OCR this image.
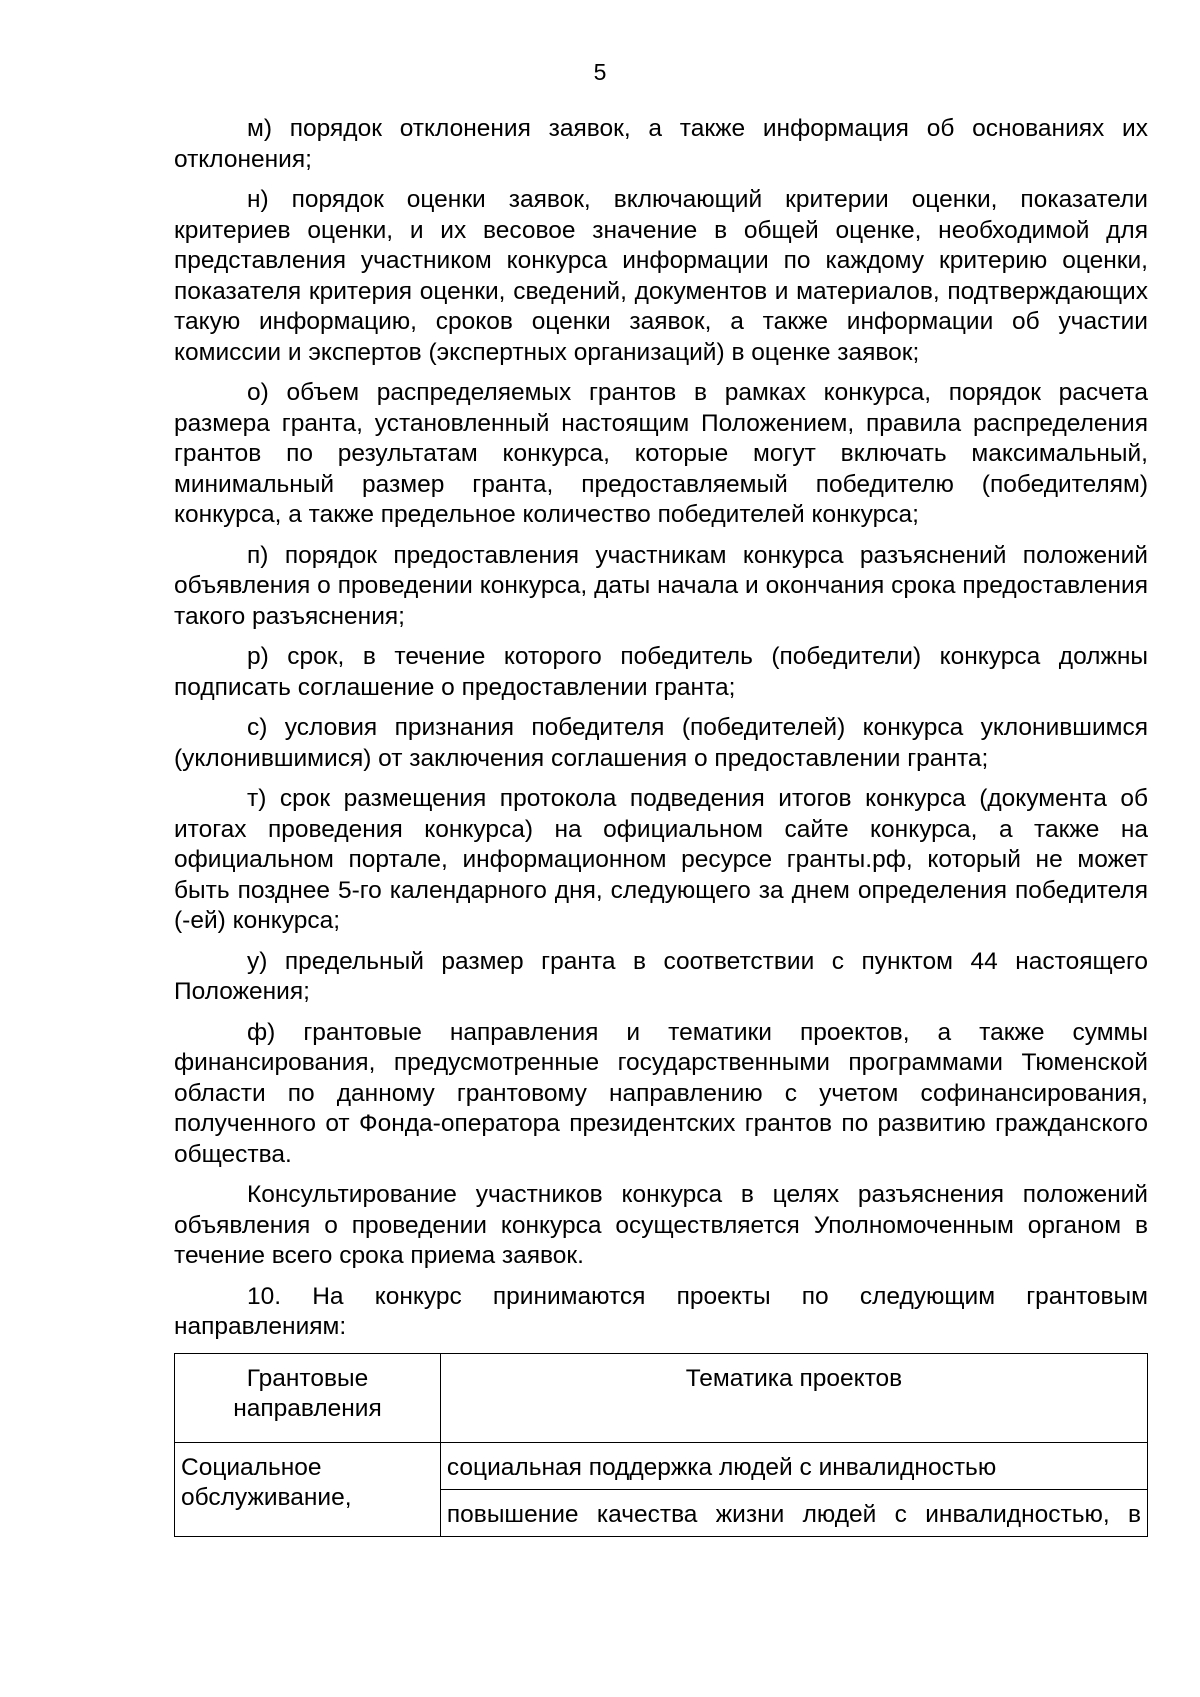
5

м) порядок отклонения заявок, а также информация об основаниях их отклонения;

н) порядок оценки заявок, включающий критерии оценки, показатели критериев оценки, и их весовое значение в общей оценке, необходимой для представления участником конкурса информации по каждому критерию оценки, показателя критерия оценки, сведений, документов и материалов, подтверждающих такую информацию, сроков оценки заявок, а также информации об участии комиссии и экспертов (экспертных организаций) в оценке заявок;

о) объем распределяемых грантов в рамках конкурса, порядок расчета размера гранта, установленный настоящим Положением, правила распределения грантов по результатам конкурса, которые могут включать максимальный, минимальный размер гранта, предоставляемый победителю (победителям) конкурса, а также предельное количество победителей конкурса;

п) порядок предоставления участникам конкурса разъяснений положений объявления о проведении конкурса, даты начала и окончания срока предоставления такого разъяснения;

р) срок, в течение которого победитель (победители) конкурса должны подписать соглашение о предоставлении гранта;

с) условия признания победителя (победителей) конкурса уклонившимся (уклонившимися) от заключения соглашения о предоставлении гранта;

т) срок размещения протокола подведения итогов конкурса (документа об итогах проведения конкурса) на официальном сайте конкурса, а также на официальном портале, информационном ресурсе гранты.рф, который не может быть позднее 5-го календарного дня, следующего за днем определения победителя (-ей) конкурса;

у) предельный размер гранта в соответствии с пунктом 44 настоящего Положения;

ф) грантовые направления и тематики проектов, а также суммы финансирования, предусмотренные государственными программами Тюменской области по данному грантовому направлению с учетом софинансирования, полученного от Фонда-оператора президентских грантов по развитию гражданского общества.

Консультирование участников конкурса в целях разъяснения положений объявления о проведении конкурса осуществляется Уполномоченным органом в течение всего срока приема заявок.

10. На конкурс принимаются проекты по следующим грантовым направлениям:

Грантовые направления	Тематика проектов
Социальное обслуживание,	социальная поддержка людей с инвалидностью
	повышение качества жизни людей с инвалидностью, в
